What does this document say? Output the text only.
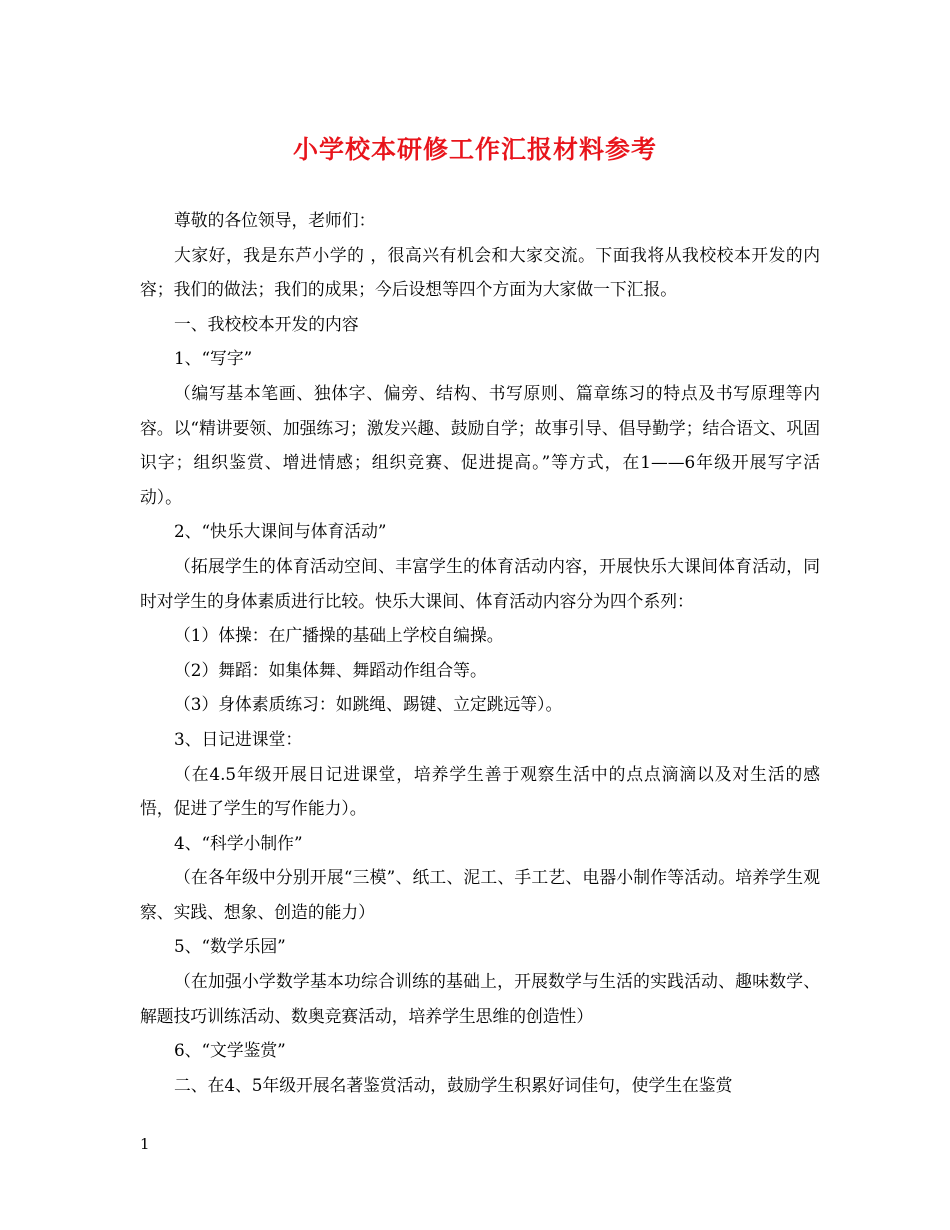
小学校本研修工作汇报材料参考

尊敬的各位领导，老师们：

大家好，我是东芦小学的 ，很高兴有机会和大家交流。下面我将从我校校本开发的内容；我们的做法；我们的成果；今后设想等四个方面为大家做一下汇报。

一、我校校本开发的内容

1、“写字”

（编写基本笔画、独体字、偏旁、结构、书写原则、篇章练习的特点及书写原理等内容。以“精讲要领、加强练习；激发兴趣、鼓励自学；故事引导、倡导勤学；结合语文、巩固识字；组织鉴赏、增进情感；组织竞赛、促进提高。”等方式，在1——6年级开展写字活动）。

2、“快乐大课间与体育活动”

（拓展学生的体育活动空间、丰富学生的体育活动内容，开展快乐大课间体育活动，同时对学生的身体素质进行比较。快乐大课间、体育活动内容分为四个系列：

（1）体操：在广播操的基础上学校自编操。

（2）舞蹈：如集体舞、舞蹈动作组合等。

（3）身体素质练习：如跳绳、踢键、立定跳远等）。

3、日记进课堂：

（在4.5年级开展日记进课堂，培养学生善于观察生活中的点点滴滴以及对生活的感悟，促进了学生的写作能力）。

4、“科学小制作”

（在各年级中分别开展“三模”、纸工、泥工、手工艺、电器小制作等活动。培养学生观察、实践、想象、创造的能力）

5、“数学乐园”

（在加强小学数学基本功综合训练的基础上，开展数学与生活的实践活动、趣味数学、解题技巧训练活动、数奥竞赛活动，培养学生思维的创造性）

6、“文学鉴赏”

二、在4、5年级开展名著鉴赏活动，鼓励学生积累好词佳句，使学生在鉴赏

1
